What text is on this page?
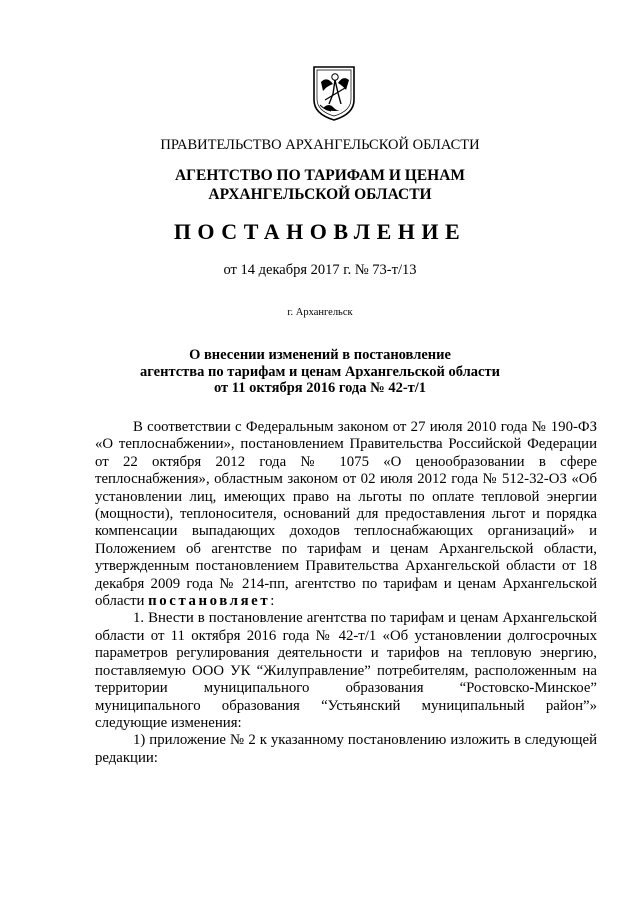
ПРАВИТЕЛЬСТВО АРХАНГЕЛЬСКОЙ ОБЛАСТИ
АГЕНТСТВО ПО ТАРИФАМ И ЦЕНАМ
АРХАНГЕЛЬСКОЙ ОБЛАСТИ
ПОСТАНОВЛЕНИЕ
от 14 декабря 2017 г. № 73-т/13
г. Архангельск
О внесении изменений в постановление
агентства по тарифам и ценам Архангельской области
от 11 октября 2016 года № 42-т/1

В соответствии с Федеральным законом от 27 июля 2010 года № 190-ФЗ «О теплоснабжении», постановлением Правительства Российской Федерации от 22 октября 2012 года № 1075 «О ценообразовании в сфере теплоснабжения», областным законом от 02 июля 2012 года № 512-32-ОЗ «Об установлении лиц, имеющих право на льготы по оплате тепловой энергии (мощности), теплоносителя, оснований для предоставления льгот и порядка компенсации выпадающих доходов теплоснабжающих организаций» и Положением об агентстве по тарифам и ценам Архангельской области, утвержденным постановлением Правительства Архангельской области от 18 декабря 2009 года № 214-пп, агентство по тарифам и ценам Архангельской области постановляет:

1. Внести в постановление агентства по тарифам и ценам Архангельской области от 11 октября 2016 года № 42-т/1 «Об установлении долгосрочных параметров регулирования деятельности и тарифов на тепловую энергию, поставляемую ООО УК “Жилуправление” потребителям, расположенным на территории муниципального образования “Ростовско-Минское” муниципального образования “Устьянский муниципальный район”» следующие изменения:

1) приложение № 2 к указанному постановлению изложить в следующей редакции:
